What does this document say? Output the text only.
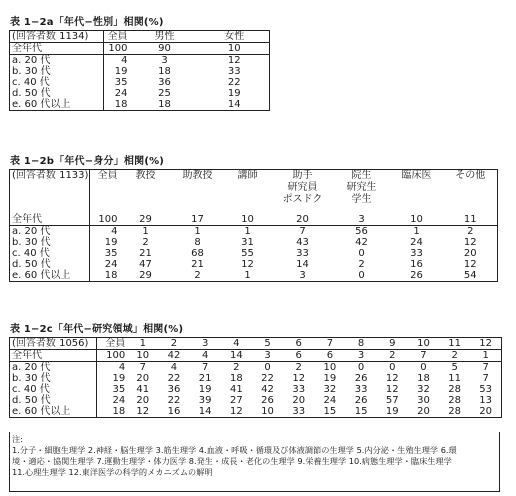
表 1−2a「年代−性別」相関(%)
(回答者数 1134)	全員	男性	女性
全年代	100	90	10
a. 20 代	4	3	12
b. 30 代	19	18	33
c. 40 代	35	36	22
d. 50 代	24	25	19
e. 60 代以上	18	18	14
表 1−2b「年代−身分」相関(%)
(回答者数 1133)	全員	教授	助教授	講師	助手	院生	臨床医	その他
					研究員	研究生		
					ポスドク	学生		

全年代	100	29	17	10	20	3	10	11
a. 20 代	4	1	1	1	7	56	1	2
b. 30 代	19	2	8	31	43	42	24	12
c. 40 代	35	21	68	55	33	0	33	20
d. 50 代	24	47	21	12	14	2	16	12
e. 60 代以上	18	29	2	1	3	0	26	54
表 1−2c「年代−研究領域」相関(%)
(回答者数 1056)	全員	1	2	3	4	5	6	7	8	9	10	11	12
全年代	100	10	42	4	14	3	6	6	3	2	7	2	1
a. 20 代	4	7	4	7	2	0	2	10	0	0	0	5	7
b. 30 代	19	20	22	21	18	22	12	19	26	12	18	11	7
c. 40 代	35	41	36	19	41	42	33	32	33	12	32	28	53
d. 50 代	24	20	22	39	27	26	20	24	26	57	30	28	13
e. 60 代以上	18	12	16	14	12	10	33	15	15	19	20	28	20
注:
1.分子・細胞生理学 2.神経・脳生理学 3.筋生理学 4.血液・呼吸・循環及び体液調節の生理学 5.内分泌・生殖生理学 6.環
境・適応・協関生理学 7.運動生理学・体力医学 8.発生・成長・老化の生理学 9.栄養生理学 10.病態生理学・臨床生理学
11.心理生理学 12.東洋医学の科学的メカニズムの解明
